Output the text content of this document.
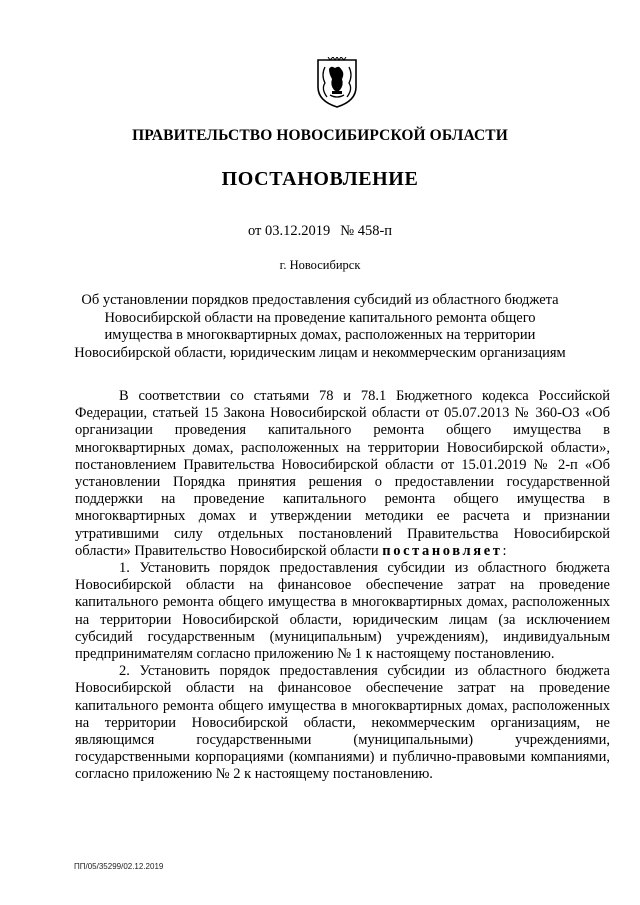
ПРАВИТЕЛЬСТВО НОВОСИБИРСКОЙ ОБЛАСТИ
ПОСТАНОВЛЕНИЕ
от 03.12.2019 № 458-п
г. Новосибирск
Об установлении порядков предоставления субсидий из областного бюджета Новосибирской области на проведение капитального ремонта общего имущества в многоквартирных домах, расположенных на территории Новосибирской области, юридическим лицам и некоммерческим организациям

В соответствии со статьями 78 и 78.1 Бюджетного кодекса Российской Федерации, статьей 15 Закона Новосибирской области от 05.07.2013 № 360-ОЗ «Об организации проведения капитального ремонта общего имущества в многоквартирных домах, расположенных на территории Новосибирской области», постановлением Правительства Новосибирской области от 15.01.2019 № 2-п «Об установлении Порядка принятия решения о предоставлении государственной поддержки на проведение капитального ремонта общего имущества в многоквартирных домах и утверждении методики ее расчета и признании утратившими силу отдельных постановлений Правительства Новосибирской области» Правительство Новосибирской области постановляет:

1. Установить порядок предоставления субсидии из областного бюджета Новосибирской области на финансовое обеспечение затрат на проведение капитального ремонта общего имущества в многоквартирных домах, расположенных на территории Новосибирской области, юридическим лицам (за исключением субсидий государственным (муниципальным) учреждениям), индивидуальным предпринимателям согласно приложению № 1 к настоящему постановлению.

2. Установить порядок предоставления субсидии из областного бюджета Новосибирской области на финансовое обеспечение затрат на проведение капитального ремонта общего имущества в многоквартирных домах, расположенных на территории Новосибирской области, некоммерческим организациям, не являющимся государственными (муниципальными) учреждениями, государственными корпорациями (компаниями) и публично-правовыми компаниями, согласно приложению № 2 к настоящему постановлению.

ПП/05/35299/02.12.2019
